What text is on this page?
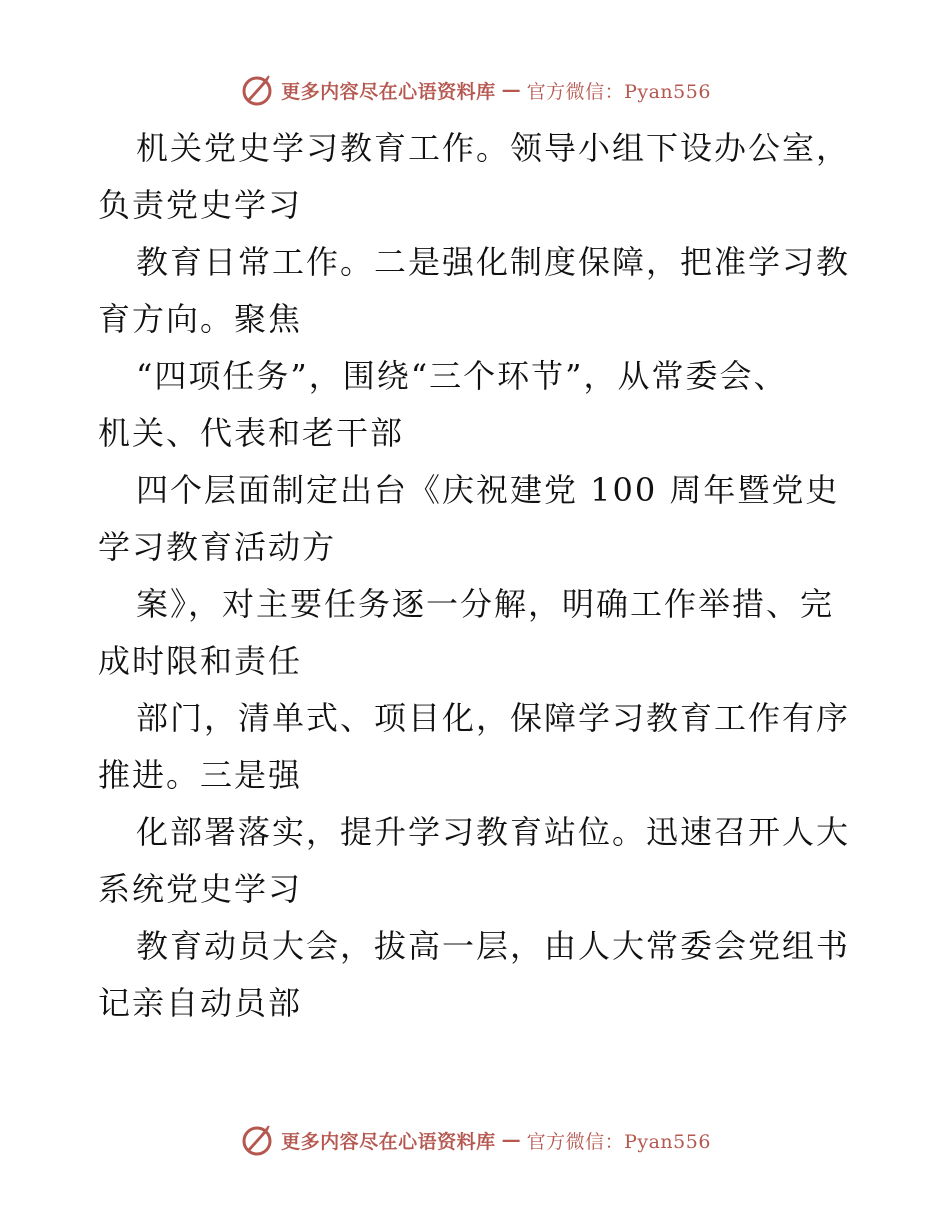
更多内容尽在心语资料库 — 官方微信：Pyan556

机关党史学习教育工作。领导小组下设办公室，
负责党史学习

教育日常工作。二是强化制度保障，把准学习教
育方向。聚焦

“四项任务”，围绕“三个环节”，从常委会、
机关、代表和老干部

四个层面制定出台《庆祝建党 100 周年暨党史
学习教育活动方

案》，对主要任务逐一分解，明确工作举措、完
成时限和责任

部门，清单式、项目化，保障学习教育工作有序
推进。三是强

化部署落实，提升学习教育站位。迅速召开人大
系统党史学习

教育动员大会，拔高一层，由人大常委会党组书
记亲自动员部

更多内容尽在心语资料库 — 官方微信：Pyan556
